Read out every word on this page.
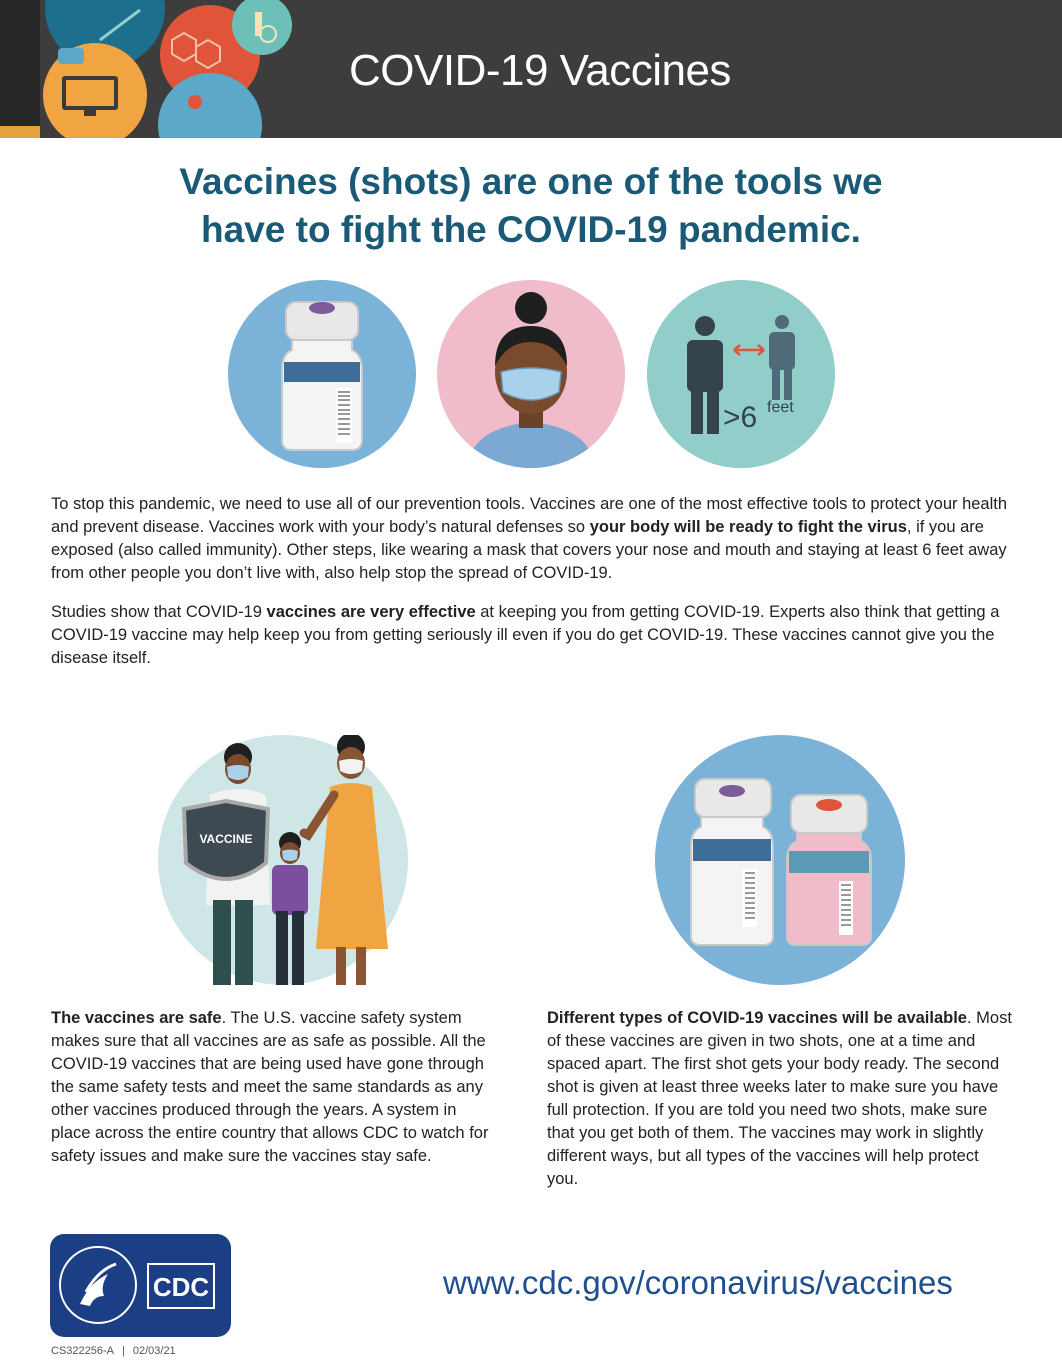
COVID-19 Vaccines
Vaccines (shots) are one of the tools we
have to fight the COVID-19 pandemic.
>6 feet

To stop this pandemic, we need to use all of our prevention tools. Vaccines are one of the most effective tools to protect your health and prevent disease. Vaccines work with your body’s natural defenses so your body will be ready to fight the virus, if you are exposed (also called immunity). Other steps, like wearing a mask that covers your nose and mouth and staying at least 6 feet away from other people you don’t live with, also help stop the spread of COVID-19.

Studies show that COVID-19 vaccines are very effective at keeping you from getting COVID-19. Experts also think that getting a COVID-19 vaccine may help keep you from getting seriously ill even if you do get COVID-19. These vaccines cannot give you the disease itself.

VACCINE

The vaccines are safe. The U.S. vaccine safety system makes sure that all vaccines are as safe as possible. All the COVID-19 vaccines that are being used have gone through the same safety tests and meet the same standards as any other vaccines produced through the years. A system in place across the entire country that allows CDC to watch for safety issues and make sure the vaccines stay safe.

Different types of COVID-19 vaccines will be available. Most of these vaccines are given in two shots, one at a time and spaced apart. The first shot gets your body ready. The second shot is given at least three weeks later to make sure you have full protection. If you are told you need two shots, make sure that you get both of them. The vaccines may work in slightly different ways, but all types of the vaccines will help protect you.

CDC	www.cdc.gov/coronavirus/vaccines
CS322256-A | 02/03/21
